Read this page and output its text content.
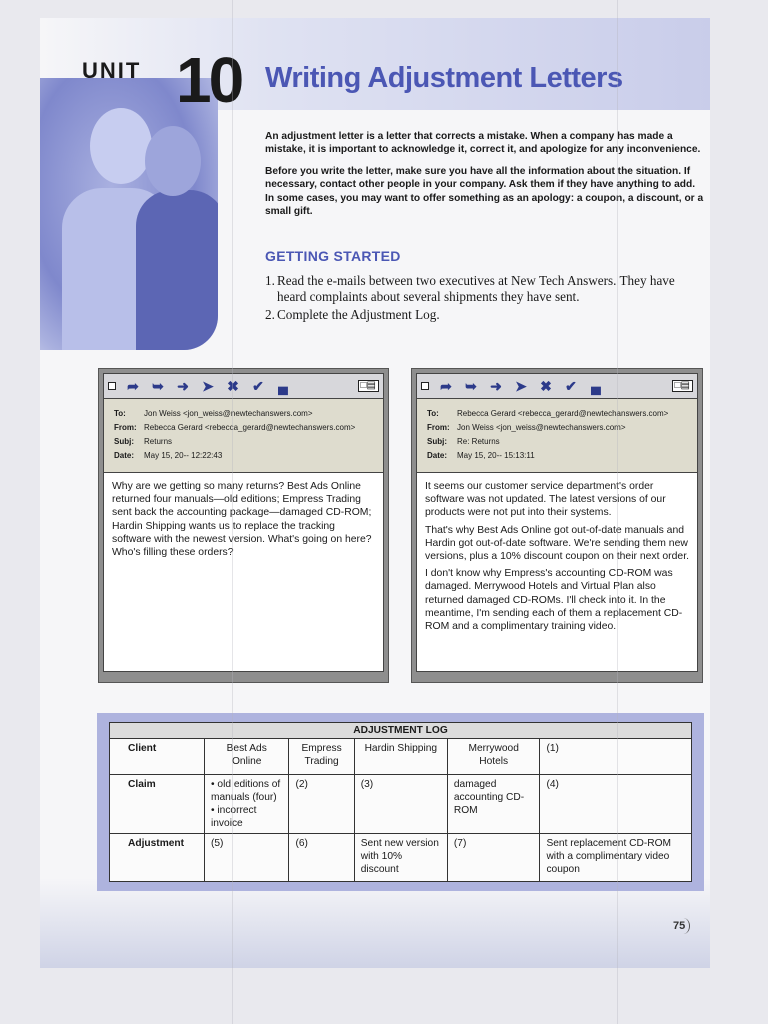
UNIT 10 Writing Adjustment Letters

An adjustment letter is a letter that corrects a mistake. When a company has made a mistake, it is important to acknowledge it, correct it, and apologize for any inconvenience.

Before you write the letter, make sure you have all the information about the situation. If necessary, contact other people in your company. Ask them if they have anything to add. In some cases, you may want to offer something as an apology: a coupon, a discount, or a small gift.

GETTING STARTED
1. Read the e-mails between two executives at New Tech Answers. They have heard complaints about several shipments they have sent.
2. Complete the Adjustment Log.
➦ ➥ ➜ ➤ ✖ ✔ ▄	□▤
To:	Jon Weiss <jon_weiss@newtechanswers.com>
From: Rebecca Gerard <rebecca_gerard@newtechanswers.com>
Subj:	Returns
Date:	May 15, 20-- 12:22:43

Why are we getting so many returns? Best Ads Online returned four manuals—old editions; Empress Trading sent back the accounting package—damaged CD-ROM; Hardin Shipping wants us to replace the tracking software with the newest version. What's going on here? Who's filling these orders?

➦ ➥ ➜ ➤ ✖ ✔ ▄	□▤
To:	Rebecca Gerard <rebecca_gerard@newtechanswers.com>
From: Jon Weiss <jon_weiss@newtechanswers.com>
Subj:	Re: Returns
Date:	May 15, 20-- 15:13:11

It seems our customer service department's order software was not updated. The latest versions of our products were not put into their systems.

That's why Best Ads Online got out-of-date manuals and Hardin got out-of-date software. We're sending them new versions, plus a 10% discount coupon on their next order.

I don't know why Empress's accounting CD-ROM was damaged. Merrywood Hotels and Virtual Plan also returned damaged CD-ROMs. I'll check into it. In the meantime, I'm sending each of them a replacement CD-ROM and a complimentary training video.

ADJUSTMENT LOG
Client	Best Ads Online	Empress Trading	Hardin Shipping	Merrywood Hotels	(1)
Claim	• old editions of manuals (four)
• incorrect invoice	(2)	(3)	damaged accounting CD-ROM	(4)
Adjustment	(5)	(6)	Sent new version with 10% discount	(7)	Sent replacement CD-ROM with a complimentary video coupon
75
